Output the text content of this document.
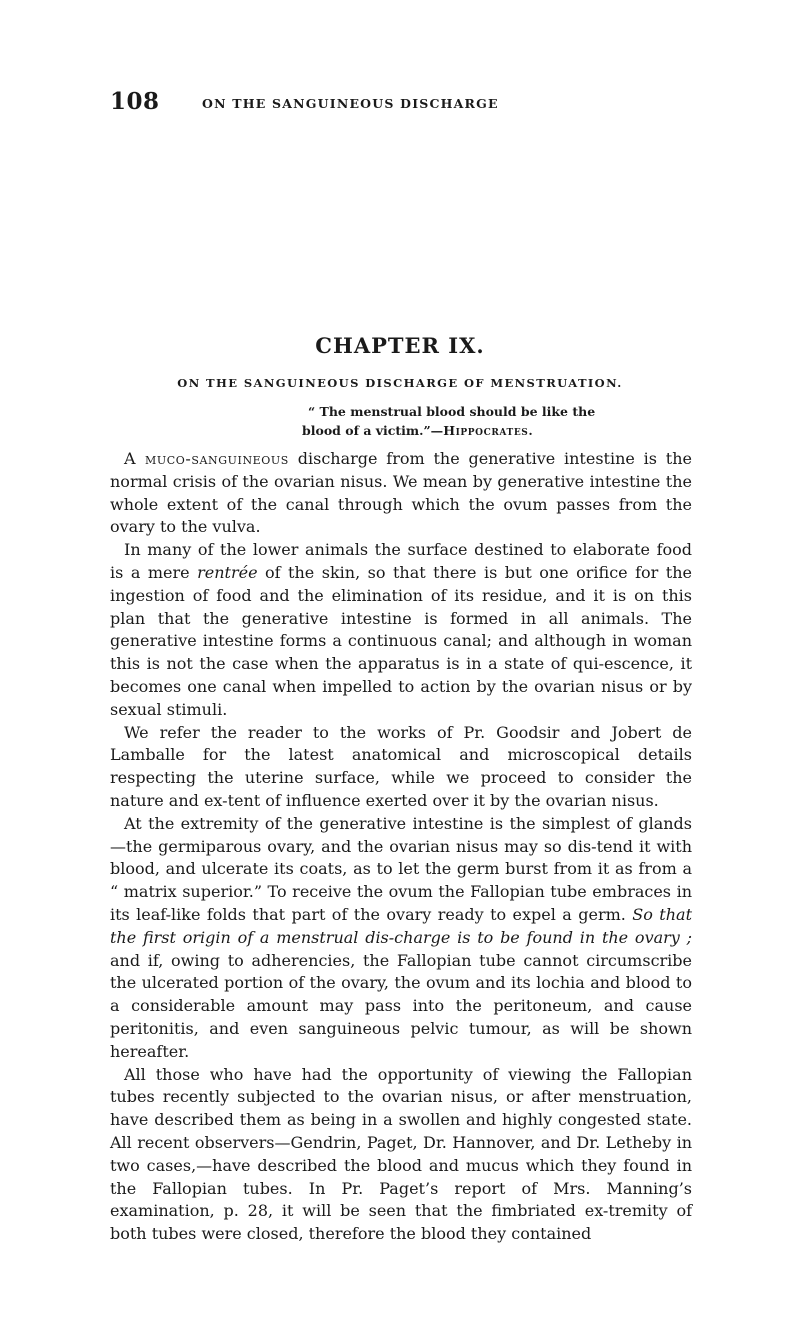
108	ON THE SANGUINEOUS DISCHARGE
CHAPTER IX.
ON THE SANGUINEOUS DISCHARGE OF MENSTRUATION.
“ The menstrual blood should be like the
blood of a victim.”—Hippocrates.

A muco-sanguineous discharge from the generative intestine is the normal crisis of the ovarian nisus. We mean by generative intestine the whole extent of the canal through which the ovum passes from the ovary to the vulva.

In many of the lower animals the surface destined to elaborate food is a mere rentrée of the skin, so that there is but one orifice for the ingestion of food and the elimination of its residue, and it is on this plan that the generative intestine is formed in all animals. The generative intestine forms a continuous canal; and although in woman this is not the case when the apparatus is in a state of qui-escence, it becomes one canal when impelled to action by the ovarian nisus or by sexual stimuli.

We refer the reader to the works of Pr. Goodsir and Jobert de Lamballe for the latest anatomical and microscopical details respecting the uterine surface, while we proceed to consider the nature and ex-tent of influence exerted over it by the ovarian nisus.

At the extremity of the generative intestine is the simplest of glands—the germiparous ovary, and the ovarian nisus may so dis-tend it with blood, and ulcerate its coats, as to let the germ burst from it as from a “ matrix superior.” To receive the ovum the Fallopian tube embraces in its leaf-like folds that part of the ovary ready to expel a germ. So that the first origin of a menstrual dis-charge is to be found in the ovary ; and if, owing to adherencies, the Fallopian tube cannot circumscribe the ulcerated portion of the ovary, the ovum and its lochia and blood to a considerable amount may pass into the peritoneum, and cause peritonitis, and even sanguineous pelvic tumour, as will be shown hereafter.

All those who have had the opportunity of viewing the Fallopian tubes recently subjected to the ovarian nisus, or after menstruation, have described them as being in a swollen and highly congested state. All recent observers—Gendrin, Paget, Dr. Hannover, and Dr. Letheby in two cases,—have described the blood and mucus which they found in the Fallopian tubes. In Pr. Paget’s report of Mrs. Manning’s examination, p. 28, it will be seen that the fimbriated ex-tremity of both tubes were closed, therefore the blood they contained
